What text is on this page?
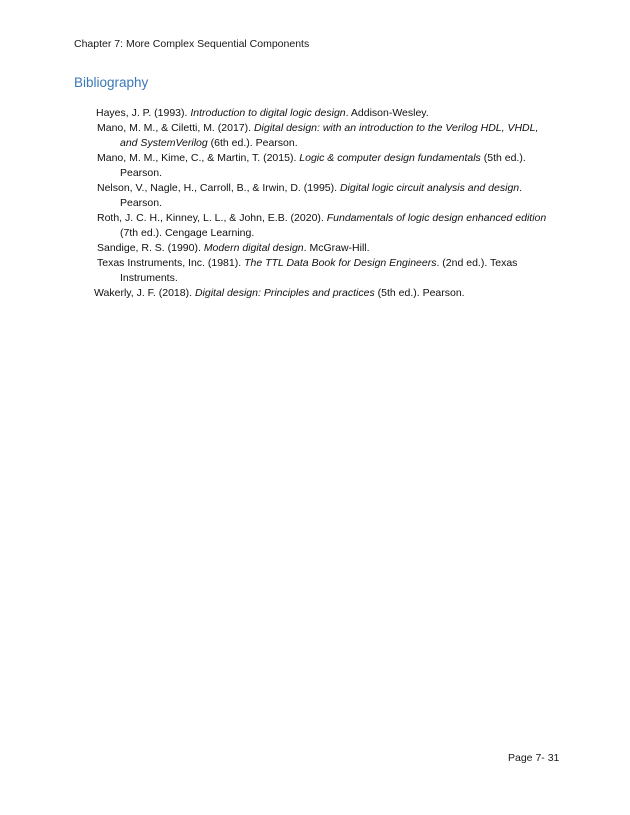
Chapter 7: More Complex Sequential Components
Bibliography

Hayes, J. P. (1993). Introduction to digital logic design. Addison-Wesley.

Mano, M. M., & Ciletti, M. (2017). Digital design: with an introduction to the Verilog HDL, VHDL, and SystemVerilog (6th ed.). Pearson.

Mano, M. M., Kime, C., & Martin, T. (2015). Logic & computer design fundamentals (5th ed.). Pearson.

Nelson, V., Nagle, H., Carroll, B., & Irwin, D. (1995). Digital logic circuit analysis and design. Pearson.

Roth, J. C. H., Kinney, L. L., & John, E.B. (2020). Fundamentals of logic design enhanced edition (7th ed.). Cengage Learning.

Sandige, R. S. (1990). Modern digital design. McGraw-Hill.

Texas Instruments, Inc. (1981). The TTL Data Book for Design Engineers. (2nd ed.). Texas Instruments.

Wakerly, J. F. (2018). Digital design: Principles and practices (5th ed.). Pearson.

Page 7- 31
